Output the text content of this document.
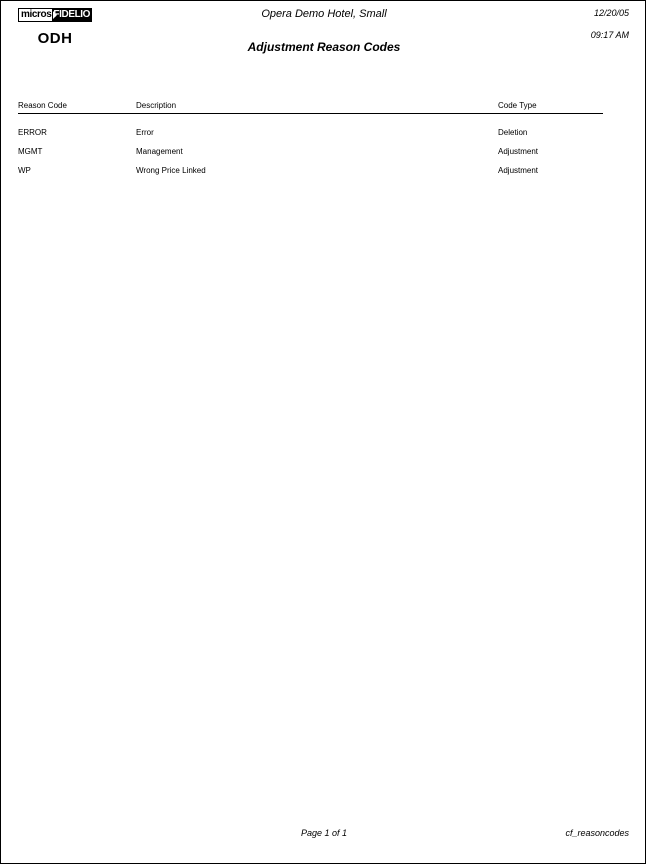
micros FIDELIO
ODH
Opera Demo Hotel, Small
Adjustment Reason Codes
12/20/05
09:17 AM
Reason Code	Description	Code Type

ERROR	Error	Deletion
MGMT	Management	Adjustment
WP	Wrong Price Linked	Adjustment
Page 1 of 1	cf_reasoncodes
